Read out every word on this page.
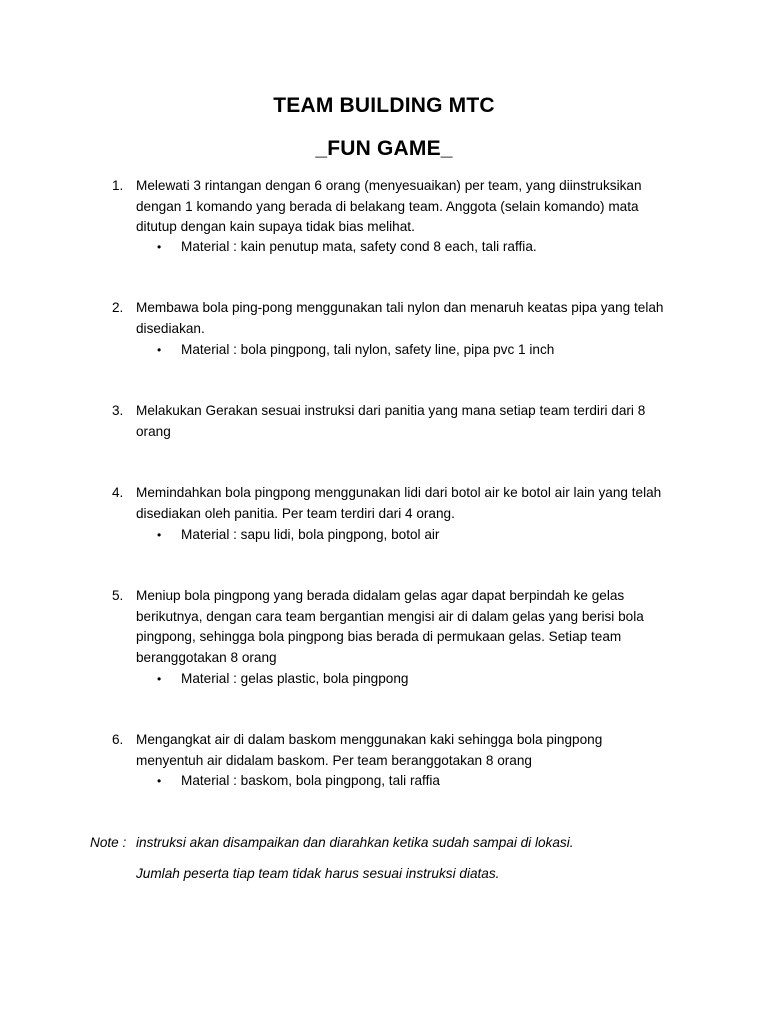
TEAM BUILDING MTC
_FUN GAME_
1. Melewati 3 rintangan dengan 6 orang (menyesuaikan) per team, yang diinstruksikan
dengan 1 komando yang berada di belakang team. Anggota (selain komando) mata
ditutup dengan kain supaya tidak bias melihat.
• Material : kain penutup mata, safety cond 8 each, tali raffia.
2. Membawa bola ping-pong menggunakan tali nylon dan menaruh keatas pipa yang telah
disediakan.
• Material : bola pingpong, tali nylon, safety line, pipa pvc 1 inch
3. Melakukan Gerakan sesuai instruksi dari panitia yang mana setiap team terdiri dari 8
orang
4. Memindahkan bola pingpong menggunakan lidi dari botol air ke botol air lain yang telah
disediakan oleh panitia. Per team terdiri dari 4 orang.
• Material : sapu lidi, bola pingpong, botol air
5. Meniup bola pingpong yang berada didalam gelas agar dapat berpindah ke gelas
berikutnya, dengan cara team bergantian mengisi air di dalam gelas yang berisi bola
pingpong, sehingga bola pingpong bias berada di permukaan gelas. Setiap team
beranggotakan 8 orang
• Material : gelas plastic, bola pingpong
6. Mengangkat air di dalam baskom menggunakan kaki sehingga bola pingpong
menyentuh air didalam baskom. Per team beranggotakan 8 orang
• Material : baskom, bola pingpong, tali raffia
Note : instruksi akan disampaikan dan diarahkan ketika sudah sampai di lokasi.
Jumlah peserta tiap team tidak harus sesuai instruksi diatas.
